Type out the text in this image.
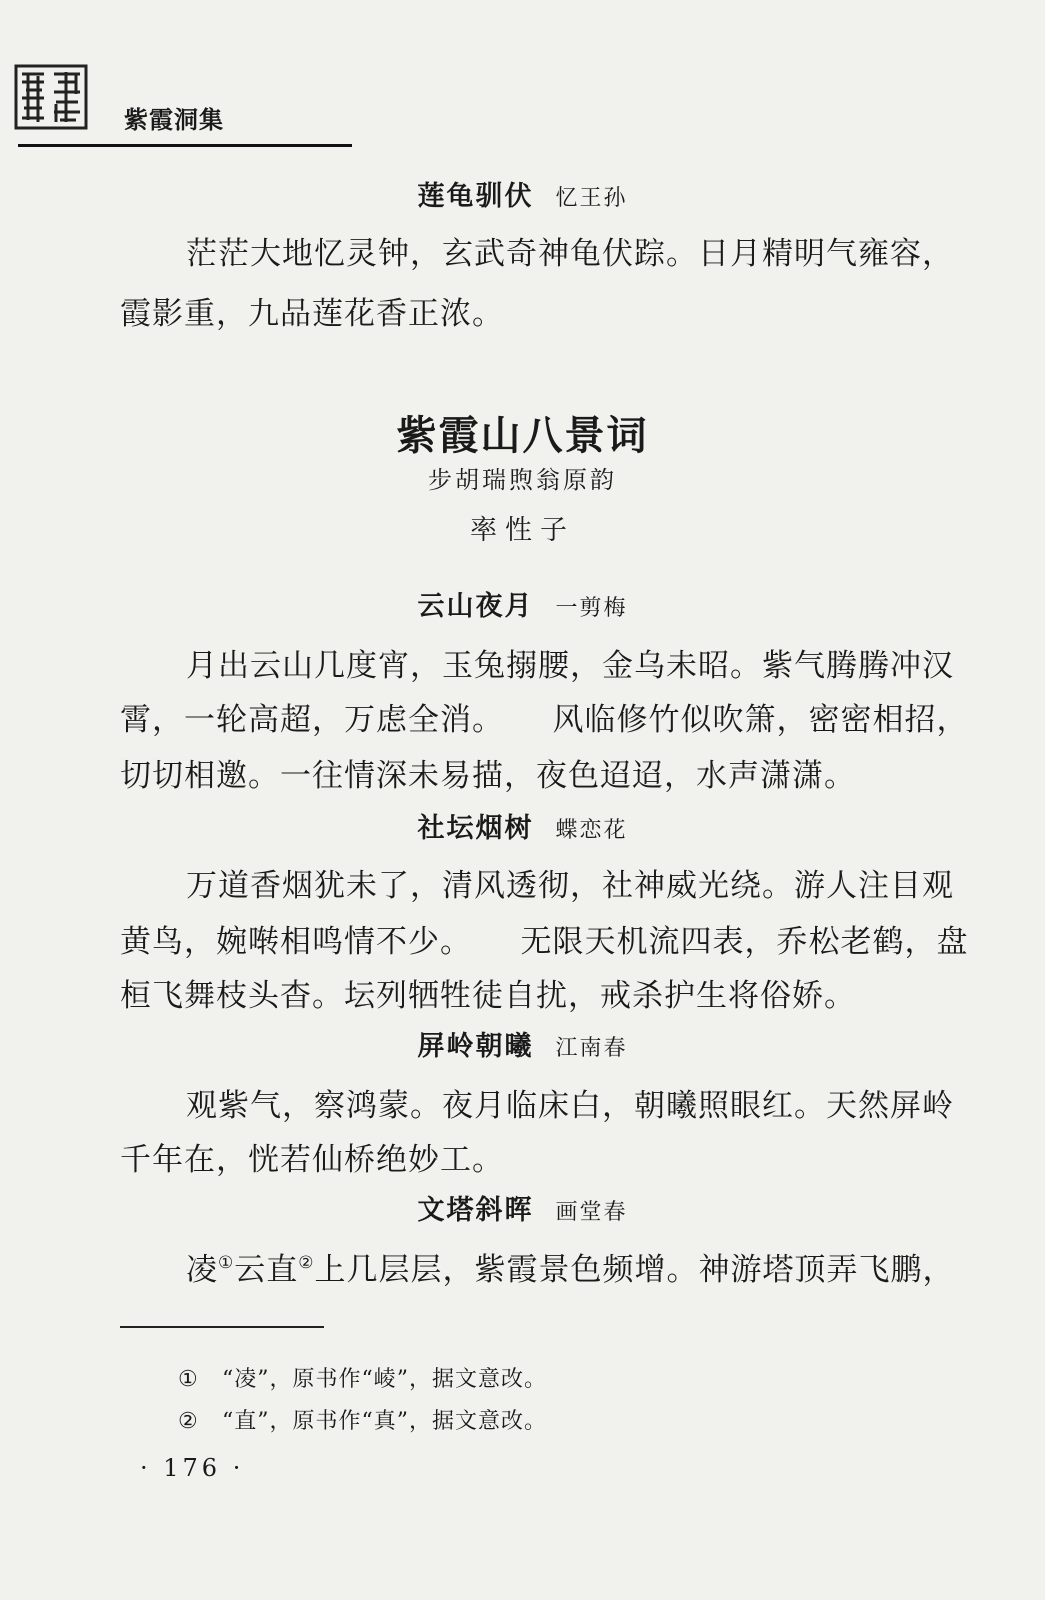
紫霞洞集
莲龟驯伏 忆王孙
茫茫大地忆灵钟，玄武奇神龟伏踪。日月精明气雍容，
霞影重，九品莲花香正浓。
紫霞山八景词
步胡瑞煦翁原韵
率性子
云山夜月 一剪梅
月出云山几度宵，玉兔搦腰，金乌未昭。紫气腾腾冲汉
霄，一轮高超，万虑全消。　　风临修竹似吹箫，密密相招，
切切相邀。一往情深未易描，夜色迢迢，水声潇潇。
社坛烟树 蝶恋花
万道香烟犹未了，清风透彻，社神威光绕。游人注目观
黄鸟，婉啭相鸣情不少。　　无限天机流四表，乔松老鹤，盘
桓飞舞枝头杳。坛列牺牲徒自扰，戒杀护生将俗娇。
屏岭朝曦 江南春
观紫气，察鸿蒙。夜月临床白，朝曦照眼红。天然屏岭
千年在，恍若仙桥绝妙工。
文塔斜晖 画堂春
凌①云直②上几层层，紫霞景色频增。神游塔顶弄飞鹏，
① “凌”，原书作“崚”，据文意改。
② “直”，原书作“真”，据文意改。
· 176 ·
